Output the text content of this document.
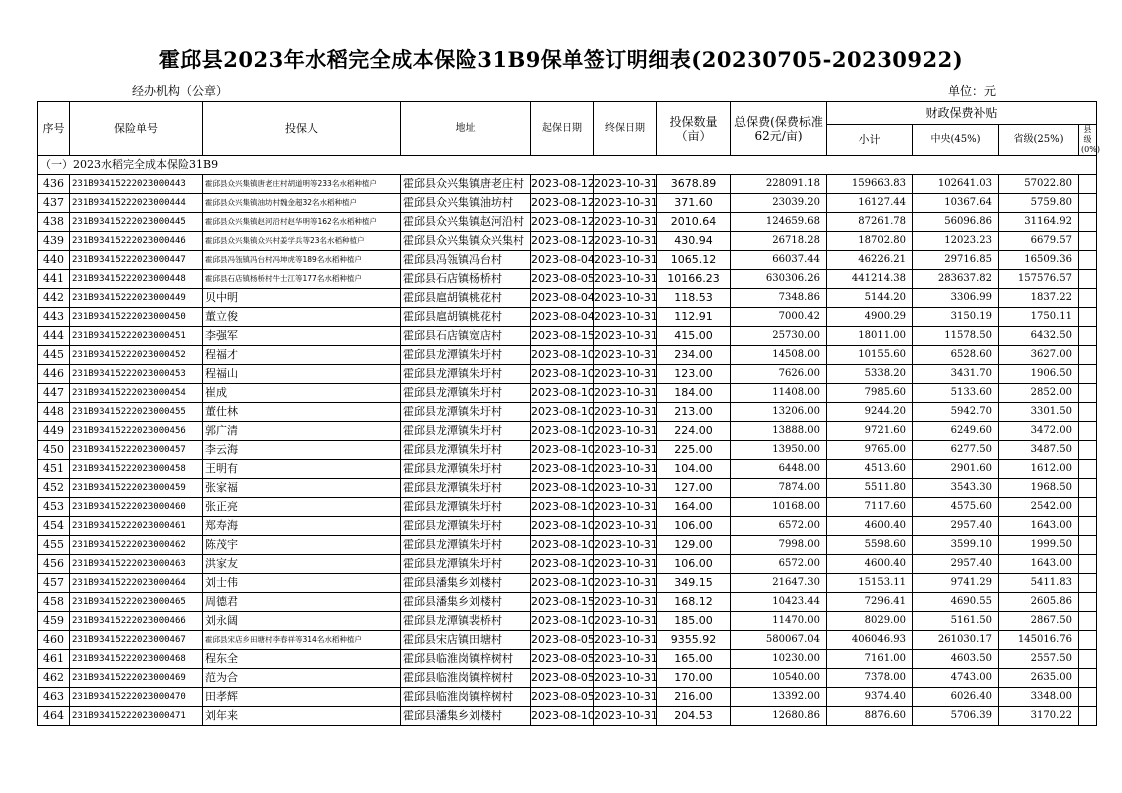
霍邱县2023年水稻完全成本保险31B9保单签订明细表(20230705-20230922)
经办机构（公章）	单位：元
序号	保险单号	投保人	地址	起保日期	终保日期	投保数量（亩）	总保费(保费标准62元/亩)	财政保费补贴			
								小计	中央(45%)	省级(25%)	县级(0%)
（一）2023水稻完全成本保险31B9											
436	231B93415222023000443	霍邱县众兴集镇唐老庄村胡道明等233名水稻种植户	霍邱县众兴集镇唐老庄村	2023-08-12	2023-10-31	3678.89	228091.18	159663.83	102641.03	57022.80	
437	231B93415222023000444	霍邱县众兴集镇油坊村魏金超32名水稻种植户	霍邱县众兴集镇油坊村	2023-08-12	2023-10-31	371.60	23039.20	16127.44	10367.64	5759.80	
438	231B93415222023000445	霍邱县众兴集镇赵河沿村赵华明等162名水稻种植户	霍邱县众兴集镇赵河沿村	2023-08-12	2023-10-31	2010.64	124659.68	87261.78	56096.86	31164.92	
439	231B93415222023000446	霍邱县众兴集镇众兴村姜学兵等23名水稻种植户	霍邱县众兴集镇众兴集村	2023-08-12	2023-10-31	430.94	26718.28	18702.80	12023.23	6679.57	
440	231B93415222023000447	霍邱县冯瓴镇冯台村冯坤虎等189名水稻种植户	霍邱县冯瓴镇冯台村	2023-08-04	2023-10-31	1065.12	66037.44	46226.21	29716.85	16509.36	
441	231B93415222023000448	霍邱县石店镇杨桥村牛士江等177名水稻种植户	霍邱县石店镇杨桥村	2023-08-05	2023-10-31	10166.23	630306.26	441214.38	283637.82	157576.57	
442	231B93415222023000449	贝中明	霍邱县扈胡镇桃花村	2023-08-04	2023-10-31	118.53	7348.86	5144.20	3306.99	1837.22	
443	231B93415222023000450	董立俊	霍邱县扈胡镇桃花村	2023-08-04	2023-10-31	112.91	7000.42	4900.29	3150.19	1750.11	
444	231B93415222023000451	李强军	霍邱县石店镇宽店村	2023-08-15	2023-10-31	415.00	25730.00	18011.00	11578.50	6432.50	
445	231B93415222023000452	程福才	霍邱县龙潭镇朱圩村	2023-08-10	2023-10-31	234.00	14508.00	10155.60	6528.60	3627.00	
446	231B93415222023000453	程福山	霍邱县龙潭镇朱圩村	2023-08-10	2023-10-31	123.00	7626.00	5338.20	3431.70	1906.50	
447	231B93415222023000454	崔成	霍邱县龙潭镇朱圩村	2023-08-10	2023-10-31	184.00	11408.00	7985.60	5133.60	2852.00	
448	231B93415222023000455	董仕林	霍邱县龙潭镇朱圩村	2023-08-10	2023-10-31	213.00	13206.00	9244.20	5942.70	3301.50	
449	231B93415222023000456	郭广清	霍邱县龙潭镇朱圩村	2023-08-10	2023-10-31	224.00	13888.00	9721.60	6249.60	3472.00	
450	231B93415222023000457	李云海	霍邱县龙潭镇朱圩村	2023-08-10	2023-10-31	225.00	13950.00	9765.00	6277.50	3487.50	
451	231B93415222023000458	王明有	霍邱县龙潭镇朱圩村	2023-08-10	2023-10-31	104.00	6448.00	4513.60	2901.60	1612.00	
452	231B93415222023000459	张家福	霍邱县龙潭镇朱圩村	2023-08-10	2023-10-31	127.00	7874.00	5511.80	3543.30	1968.50	
453	231B93415222023000460	张正亮	霍邱县龙潭镇朱圩村	2023-08-10	2023-10-31	164.00	10168.00	7117.60	4575.60	2542.00	
454	231B93415222023000461	郑寿海	霍邱县龙潭镇朱圩村	2023-08-10	2023-10-31	106.00	6572.00	4600.40	2957.40	1643.00	
455	231B93415222023000462	陈茂宇	霍邱县龙潭镇朱圩村	2023-08-10	2023-10-31	129.00	7998.00	5598.60	3599.10	1999.50	
456	231B93415222023000463	洪家友	霍邱县龙潭镇朱圩村	2023-08-10	2023-10-31	106.00	6572.00	4600.40	2957.40	1643.00	
457	231B93415222023000464	刘士伟	霍邱县潘集乡刘楼村	2023-08-10	2023-10-31	349.15	21647.30	15153.11	9741.29	5411.83	
458	231B93415222023000465	周德君	霍邱县潘集乡刘楼村	2023-08-15	2023-10-31	168.12	10423.44	7296.41	4690.55	2605.86	
459	231B93415222023000466	刘永阔	霍邱县龙潭镇裴桥村	2023-08-10	2023-10-31	185.00	11470.00	8029.00	5161.50	2867.50	
460	231B93415222023000467	霍邱县宋店乡田塘村李春祥等314名水稻种植户	霍邱县宋店镇田塘村	2023-08-05	2023-10-31	9355.92	580067.04	406046.93	261030.17	145016.76	
461	231B93415222023000468	程东全	霍邱县临淮岗镇梓树村	2023-08-05	2023-10-31	165.00	10230.00	7161.00	4603.50	2557.50	
462	231B93415222023000469	范为合	霍邱县临淮岗镇梓树村	2023-08-05	2023-10-31	170.00	10540.00	7378.00	4743.00	2635.00	
463	231B93415222023000470	田孝辉	霍邱县临淮岗镇梓树村	2023-08-05	2023-10-31	216.00	13392.00	9374.40	6026.40	3348.00	
464	231B93415222023000471	刘年来	霍邱县潘集乡刘楼村	2023-08-10	2023-10-31	204.53	12680.86	8876.60	5706.39	3170.22	
